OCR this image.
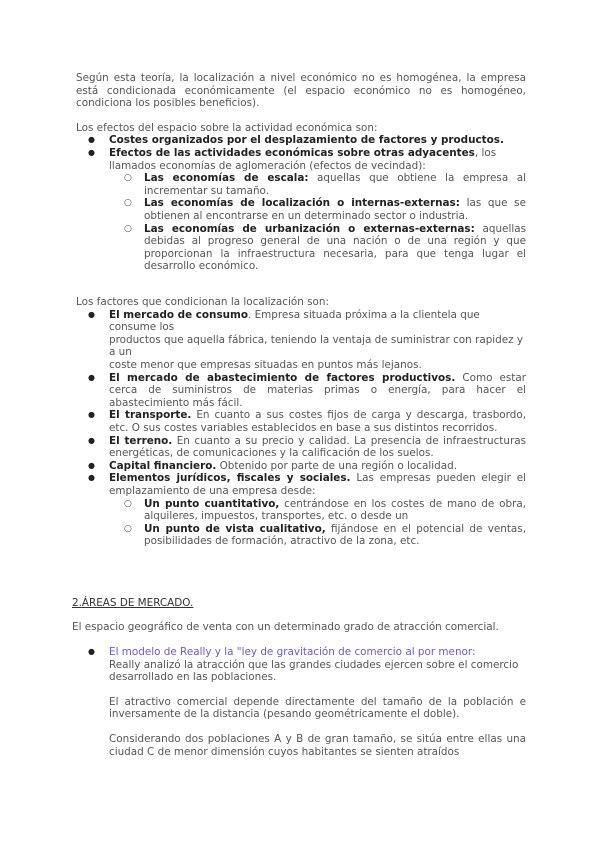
Según esta teoría, la localización a nivel económico no es homogénea, la empresa está condicionada económicamente (el espacio económico no es homogéneo, condiciona los posibles beneficios).

Los efectos del espacio sobre la actividad económica son:

● Costes organizados por el desplazamiento de factores y productos.
● Efectos de las actividades económicas sobre otras adyacentes, los llamados economías de aglomeración (efectos de vecindad):
○ Las economías de escala: aquellas que obtiene la empresa al incrementar su tamaño.
○ Las economías de localización o internas-externas: las que se obtienen al encontrarse en un determinado sector o industria.
○ Las economías de urbanización o externas-externas: aquellas debidas al progreso general de una nación o de una región y que proporcionan la infraestructura necesaria, para que tenga lugar el desarrollo económico.

Los factores que condicionan la localización son:

● El mercado de consumo. Empresa situada próxima a la clientela que consume los
productos que aquella fábrica, teniendo la ventaja de suministrar con rapidez y a un
coste menor que empresas situadas en puntos más lejanos.
● El mercado de abastecimiento de factores productivos. Como estar cerca de suministros de materias primas o energía, para hacer el abastecimiento más fácil.
● El transporte. En cuanto a sus costes fijos de carga y descarga, trasbordo, etc. O sus costes variables establecidos en base a sus distintos recorridos.
● El terreno. En cuanto a su precio y calidad. La presencia de infraestructuras energéticas, de comunicaciones y la calificación de los suelos.
● Capital financiero. Obtenido por parte de una región o localidad.
● Elementos jurídicos, fiscales y sociales. Las empresas pueden elegir el emplazamiento de una empresa desde:
○ Un punto cuantitativo, centrándose en los costes de mano de obra, alquileres, impuestos, transportes, etc. o desde un
○ Un punto de vista cualitativo, fijándose en el potencial de ventas, posibilidades de formación, atractivo de la zona, etc.
2.ÁREAS DE MERCADO.

El espacio geográfico de venta con un determinado grado de atracción comercial.

● El modelo de Really y la "ley de gravitación de comercio al por menor:

Really analizó la atracción que las grandes ciudades ejercen sobre el comercio desarrollado en las poblaciones.

El atractivo comercial depende directamente del tamaño de la población e inversamente de la distancia (pesando geométricamente el doble).

Considerando dos poblaciones A y B de gran tamaño, se sitúa entre ellas una ciudad C de menor dimensión cuyos habitantes se sienten atraídos
